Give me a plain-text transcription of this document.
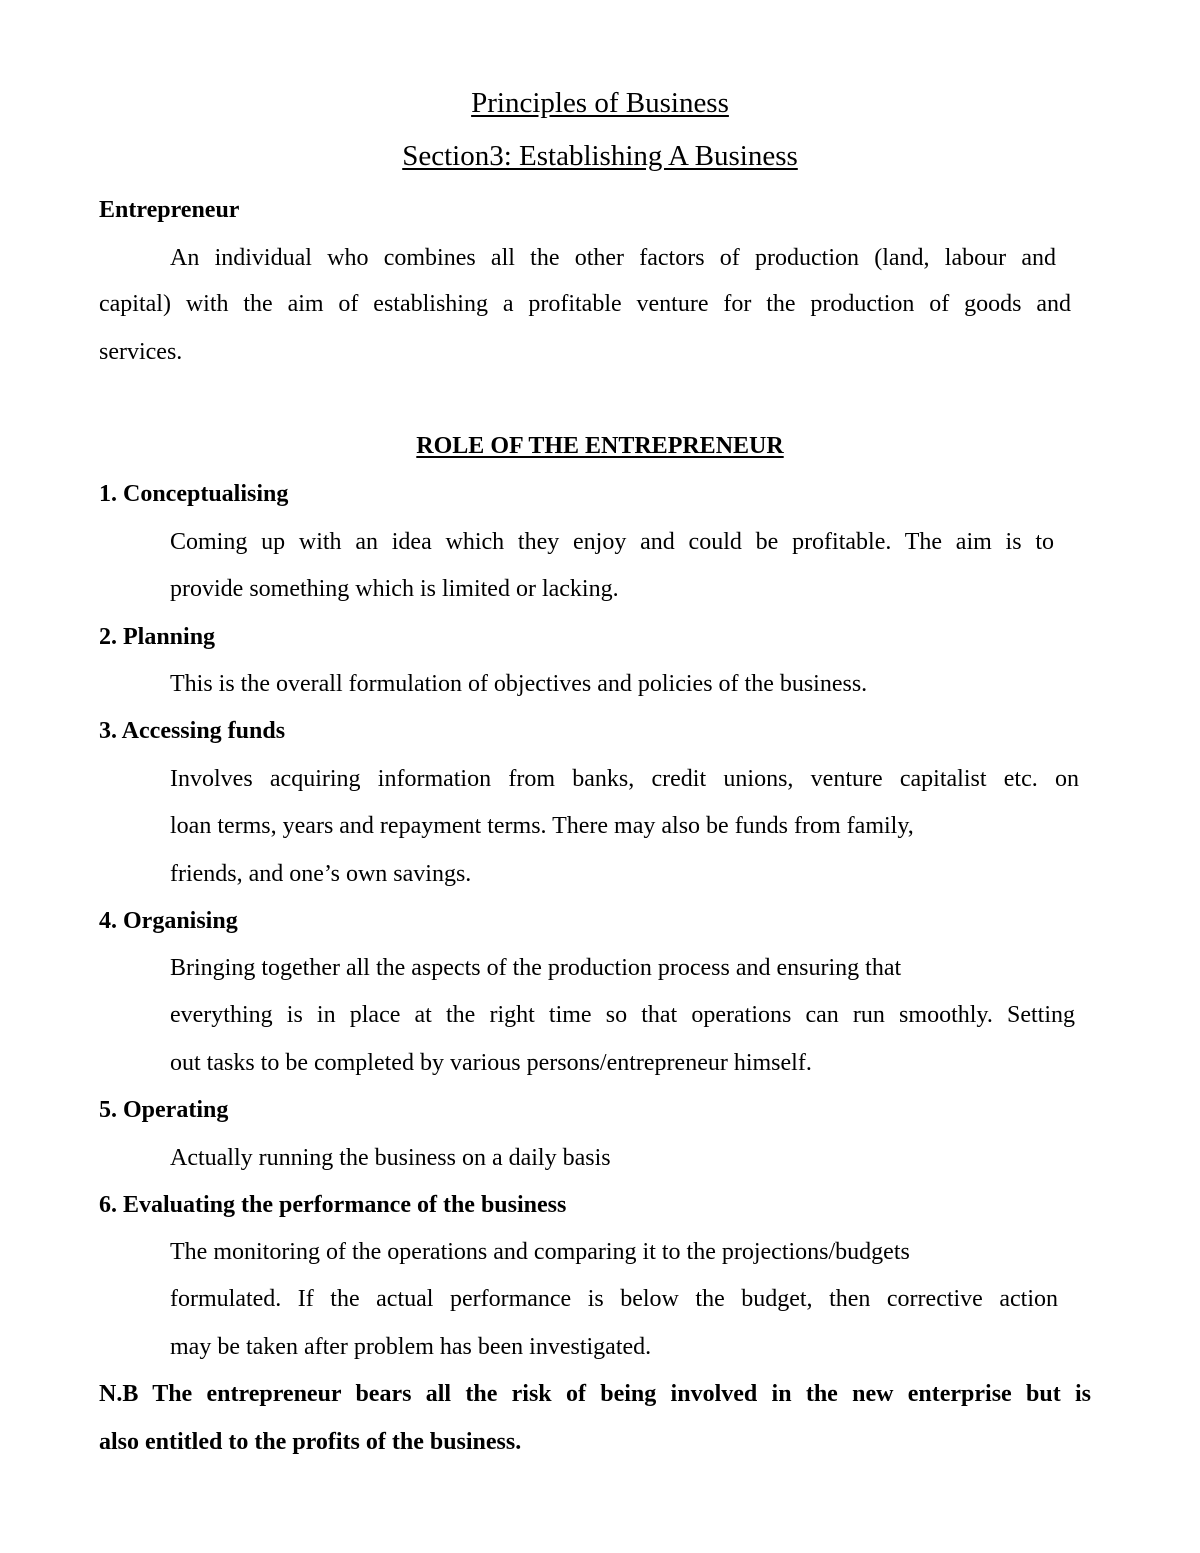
Principles of Business
Section3: Establishing A Business
Entrepreneur
An individual who combines all the other factors of production (land, labour and
capital) with the aim of establishing a profitable venture for the production of goods and
services.
ROLE OF THE ENTREPRENEUR
1. Conceptualising
Coming up with an idea which they enjoy and could be profitable. The aim is to
provide something which is limited or lacking.
2. Planning
This is the overall formulation of objectives and policies of the business.
3. Accessing funds
Involves acquiring information from banks, credit unions, venture capitalist etc. on
loan terms, years and repayment terms. There may also be funds from family,
friends, and one’s own savings.
4. Organising
Bringing together all the aspects of the production process and ensuring that
everything is in place at the right time so that operations can run smoothly. Setting
out tasks to be completed by various persons/entrepreneur himself.
5. Operating
Actually running the business on a daily basis
6. Evaluating the performance of the business
The monitoring of the operations and comparing it to the projections/budgets
formulated. If the actual performance is below the budget, then corrective action
may be taken after problem has been investigated.
N.B The entrepreneur bears all the risk of being involved in the new enterprise but is
also entitled to the profits of the business.
